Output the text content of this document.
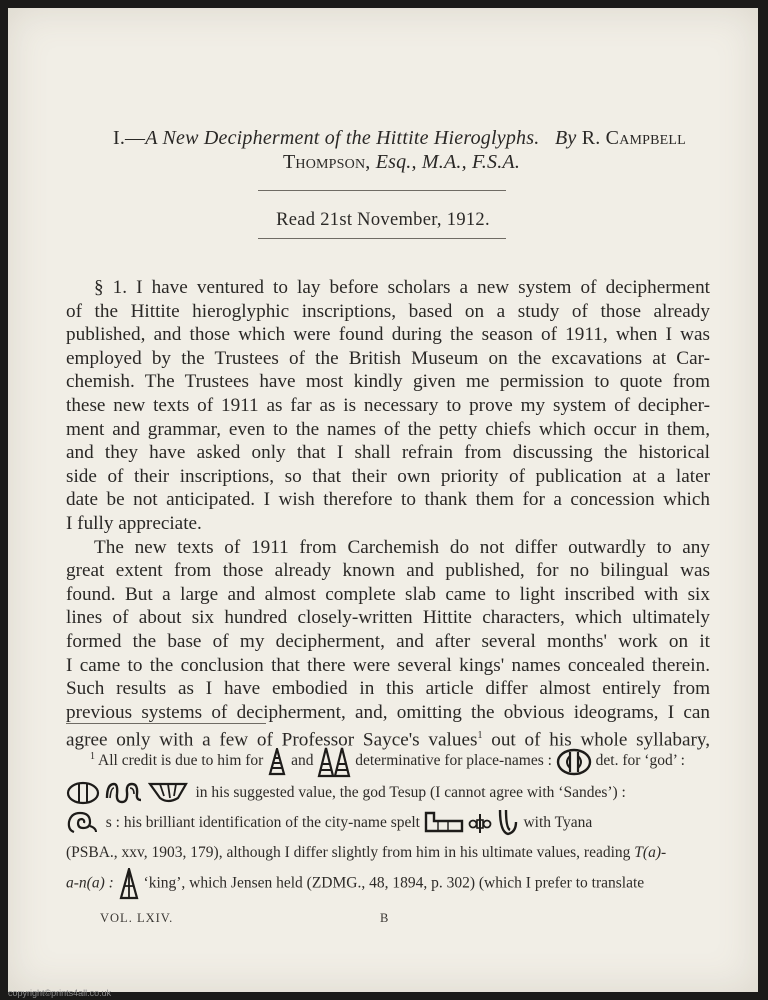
I.—A New Decipherment of the Hittite Hieroglyphs. By R. Campbell
Thompson, Esq., M.A., F.S.A.
Read 21st November, 1912.
§ 1. I have ventured to lay before scholars a new system of decipherment
of the Hittite hieroglyphic inscriptions, based on a study of those already
published, and those which were found during the season of 1911, when I was
employed by the Trustees of the British Museum on the excavations at Car-
chemish. The Trustees have most kindly given me permission to quote from
these new texts of 1911 as far as is necessary to prove my system of decipher-
ment and grammar, even to the names of the petty chiefs which occur in them,
and they have asked only that I shall refrain from discussing the historical
side of their inscriptions, so that their own priority of publication at a later
date be not anticipated. I wish therefore to thank them for a concession which
I fully appreciate.
The new texts of 1911 from Carchemish do not differ outwardly to any
great extent from those already known and published, for no bilingual was
found. But a large and almost complete slab came to light inscribed with six
lines of about six hundred closely-written Hittite characters, which ultimately
formed the base of my decipherment, and after several months' work on it
I came to the conclusion that there were several kings' names concealed therein.
Such results as I have embodied in this article differ almost entirely from
previous systems of decipherment, and, omitting the obvious ideograms, I can
agree only with a few of Professor Sayce's values$^1$ out of his whole syllabary,
$^1$ All credit is due to him for and	determinative for place-names :	det. for ‘god’ :
in his suggested value, the god Tesup (I cannot agree with ‘Sandes’) :
s : his brilliant identification of the city-name spelt	with Tyana
(PSBA., xxv, 1903, 179), although I differ slightly from him in his ultimate values, reading T(a)-
a-n(a) : ‘king’, which Jensen held (ZDMG., 48, 1894, p. 302) (which I prefer to translate
VOL. LXIV.	B
copyright©prints4all.co.uk
